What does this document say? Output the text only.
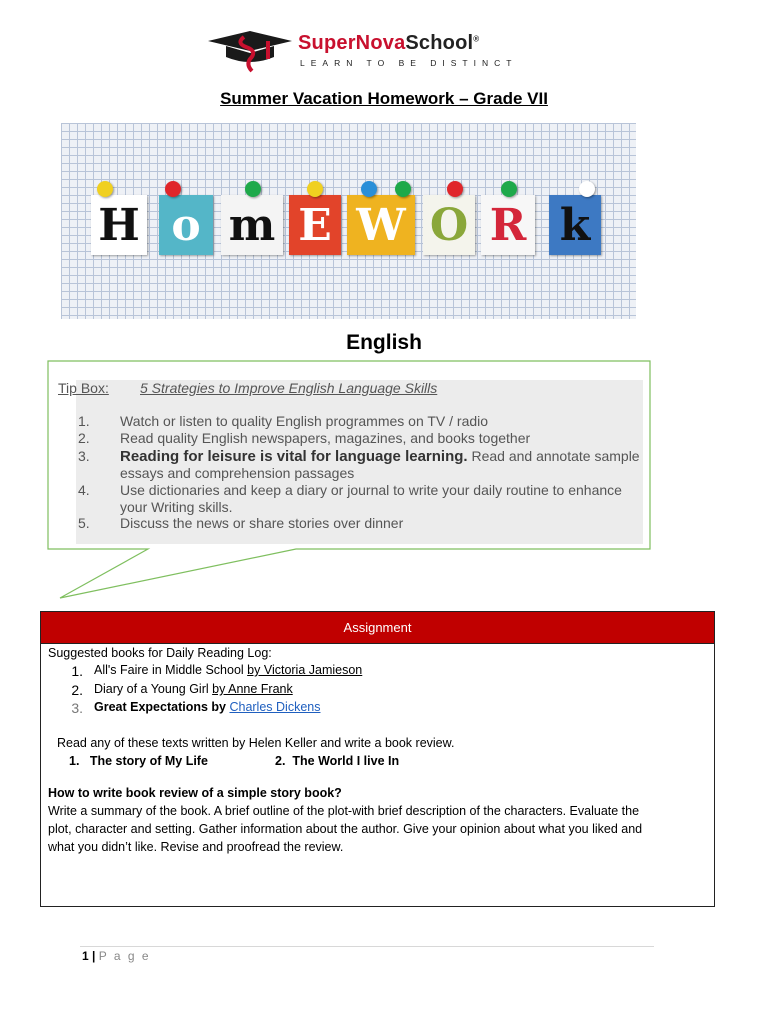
SuperNovaSchool®
LEARN TO BE DISTINCT
Summer Vacation Homework – Grade VII
H o m E W O R k
English
Tip Box: 5 Strategies to Improve English Language Skills
1. Watch or listen to quality English programmes on TV / radio
2. Read quality English newspapers, magazines, and books together
3. Reading for leisure is vital for language learning. Read and annotate sample essays and comprehension passages
4. Use dictionaries and keep a diary or journal to write your daily routine to enhance your Writing skills.
5. Discuss the news or share stories over dinner
Assignment
Suggested books for Daily Reading Log:
1. All's Faire in Middle School by Victoria Jamieson
2. Diary of a Young Girl by Anne Frank
3. Great Expectations by Charles Dickens
Read any of these texts written by Helen Keller and write a book review.
1. The story of My Life	2. The World I live In
How to write book review of a simple story book?
Write a summary of the book. A brief outline of the plot-with brief description of the characters. Evaluate the
plot, character and setting. Gather information about the author. Give your opinion about what you liked and
what you didn’t like. Revise and proofread the review.
1 | P a g e
